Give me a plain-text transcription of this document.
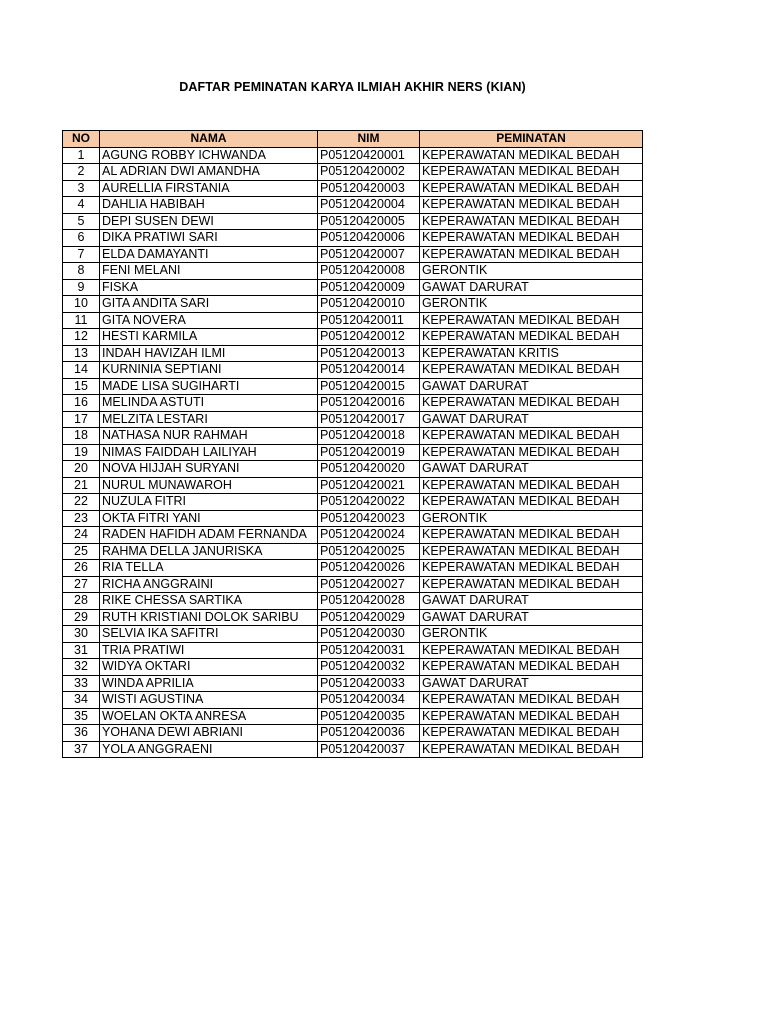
DAFTAR PEMINATAN KARYA ILMIAH AKHIR NERS (KIAN)
NO	NAMA	NIM	PEMINATAN
1	AGUNG ROBBY ICHWANDA	P05120420001	KEPERAWATAN MEDIKAL BEDAH
2	AL ADRIAN DWI AMANDHA	P05120420002	KEPERAWATAN MEDIKAL BEDAH
3	AURELLIA FIRSTANIA	P05120420003	KEPERAWATAN MEDIKAL BEDAH
4	DAHLIA HABIBAH	P05120420004	KEPERAWATAN MEDIKAL BEDAH
5	DEPI SUSEN DEWI	P05120420005	KEPERAWATAN MEDIKAL BEDAH
6	DIKA PRATIWI SARI	P05120420006	KEPERAWATAN MEDIKAL BEDAH
7	ELDA DAMAYANTI	P05120420007	KEPERAWATAN MEDIKAL BEDAH
8	FENI MELANI	P05120420008	GERONTIK
9	FISKA	P05120420009	GAWAT DARURAT
10	GITA ANDITA SARI	P05120420010	GERONTIK
11	GITA NOVERA	P05120420011	KEPERAWATAN MEDIKAL BEDAH
12	HESTI KARMILA	P05120420012	KEPERAWATAN MEDIKAL BEDAH
13	INDAH HAVIZAH ILMI	P05120420013	KEPERAWATAN KRITIS
14	KURNINIA SEPTIANI	P05120420014	KEPERAWATAN MEDIKAL BEDAH
15	MADE LISA SUGIHARTI	P05120420015	GAWAT DARURAT
16	MELINDA ASTUTI	P05120420016	KEPERAWATAN MEDIKAL BEDAH
17	MELZITA LESTARI	P05120420017	GAWAT DARURAT
18	NATHASA NUR RAHMAH	P05120420018	KEPERAWATAN MEDIKAL BEDAH
19	NIMAS FAIDDAH LAILIYAH	P05120420019	KEPERAWATAN MEDIKAL BEDAH
20	NOVA HIJJAH SURYANI	P05120420020	GAWAT DARURAT
21	NURUL MUNAWAROH	P05120420021	KEPERAWATAN MEDIKAL BEDAH
22	NUZULA FITRI	P05120420022	KEPERAWATAN MEDIKAL BEDAH
23	OKTA FITRI YANI	P05120420023	GERONTIK
24	RADEN HAFIDH ADAM FERNANDA	P05120420024	KEPERAWATAN MEDIKAL BEDAH
25	RAHMA DELLA JANURISKA	P05120420025	KEPERAWATAN MEDIKAL BEDAH
26	RIA TELLA	P05120420026	KEPERAWATAN MEDIKAL BEDAH
27	RICHA ANGGRAINI	P05120420027	KEPERAWATAN MEDIKAL BEDAH
28	RIKE CHESSA SARTIKA	P05120420028	GAWAT DARURAT
29	RUTH KRISTIANI DOLOK SARIBU	P05120420029	GAWAT DARURAT
30	SELVIA IKA SAFITRI	P05120420030	GERONTIK
31	TRIA PRATIWI	P05120420031	KEPERAWATAN MEDIKAL BEDAH
32	WIDYA OKTARI	P05120420032	KEPERAWATAN MEDIKAL BEDAH
33	WINDA APRILIA	P05120420033	GAWAT DARURAT
34	WISTI AGUSTINA	P05120420034	KEPERAWATAN MEDIKAL BEDAH
35	WOELAN OKTA ANRESA	P05120420035	KEPERAWATAN MEDIKAL BEDAH
36	YOHANA DEWI ABRIANI	P05120420036	KEPERAWATAN MEDIKAL BEDAH
37	YOLA ANGGRAENI	P05120420037	KEPERAWATAN MEDIKAL BEDAH
